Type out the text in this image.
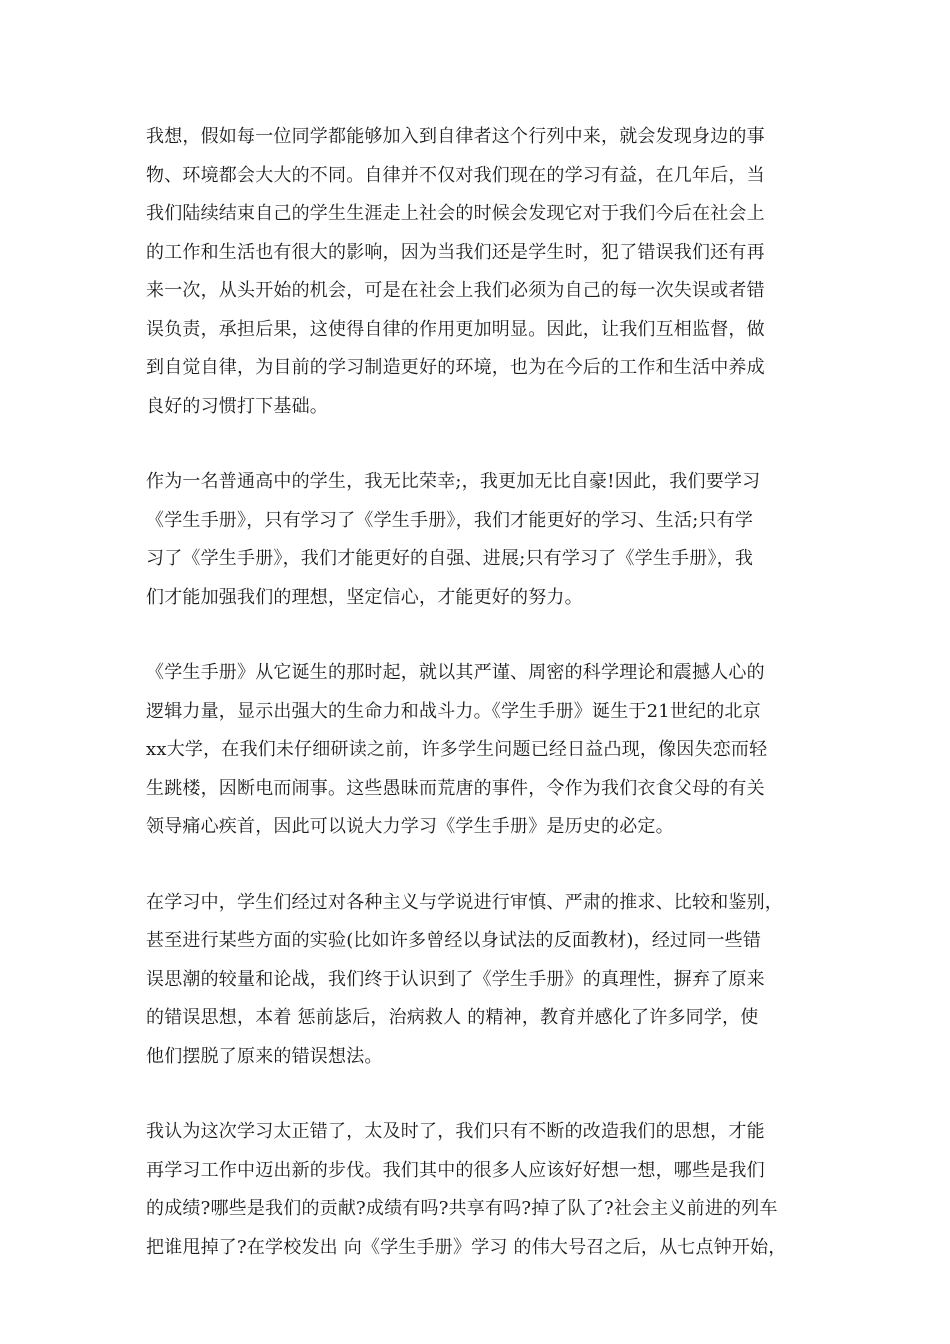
我想，假如每一位同学都能够加入到自律者这个行列中来，就会发现身边的事
物、环境都会大大的不同。自律并不仅对我们现在的学习有益，在几年后，当
我们陆续结束自己的学生生涯走上社会的时候会发现它对于我们今后在社会上
的工作和生活也有很大的影响，因为当我们还是学生时，犯了错误我们还有再
来一次，从头开始的机会，可是在社会上我们必须为自己的每一次失误或者错
误负责，承担后果，这使得自律的作用更加明显。因此，让我们互相监督，做
到自觉自律，为目前的学习制造更好的环境，也为在今后的工作和生活中养成
良好的习惯打下基础。

作为一名普通高中的学生，我无比荣幸;，我更加无比自豪!因此，我们要学习
《学生手册》，只有学习了《学生手册》，我们才能更好的学习、生活;只有学
习了《学生手册》，我们才能更好的自强、进展;只有学习了《学生手册》，我
们才能加强我们的理想，坚定信心，才能更好的努力。

《学生手册》从它诞生的那时起，就以其严谨、周密的科学理论和震撼人心的
逻辑力量，显示出强大的生命力和战斗力。《学生手册》诞生于21世纪的北京
xx大学，在我们未仔细研读之前，许多学生问题已经日益凸现，像因失恋而轻
生跳楼，因断电而闹事。这些愚昧而荒唐的事件，令作为我们衣食父母的有关
领导痛心疾首，因此可以说大力学习《学生手册》是历史的必定。

在学习中，学生们经过对各种主义与学说进行审慎、严肃的推求、比较和鉴别，
甚至进行某些方面的实验(比如许多曾经以身试法的反面教材)，经过同一些错
误思潮的较量和论战，我们终于认识到了《学生手册》的真理性，摒弃了原来
的错误思想，本着 惩前毖后，治病救人 的精神，教育并感化了许多同学，使
他们摆脱了原来的错误想法。

我认为这次学习太正错了，太及时了，我们只有不断的改造我们的思想，才能
再学习工作中迈出新的步伐。我们其中的很多人应该好好想一想，哪些是我们
的成绩?哪些是我们的贡献?成绩有吗?共享有吗?掉了队了?社会主义前进的列车
把谁甩掉了?在学校发出 向《学生手册》学习 的伟大号召之后，从七点钟开始，
